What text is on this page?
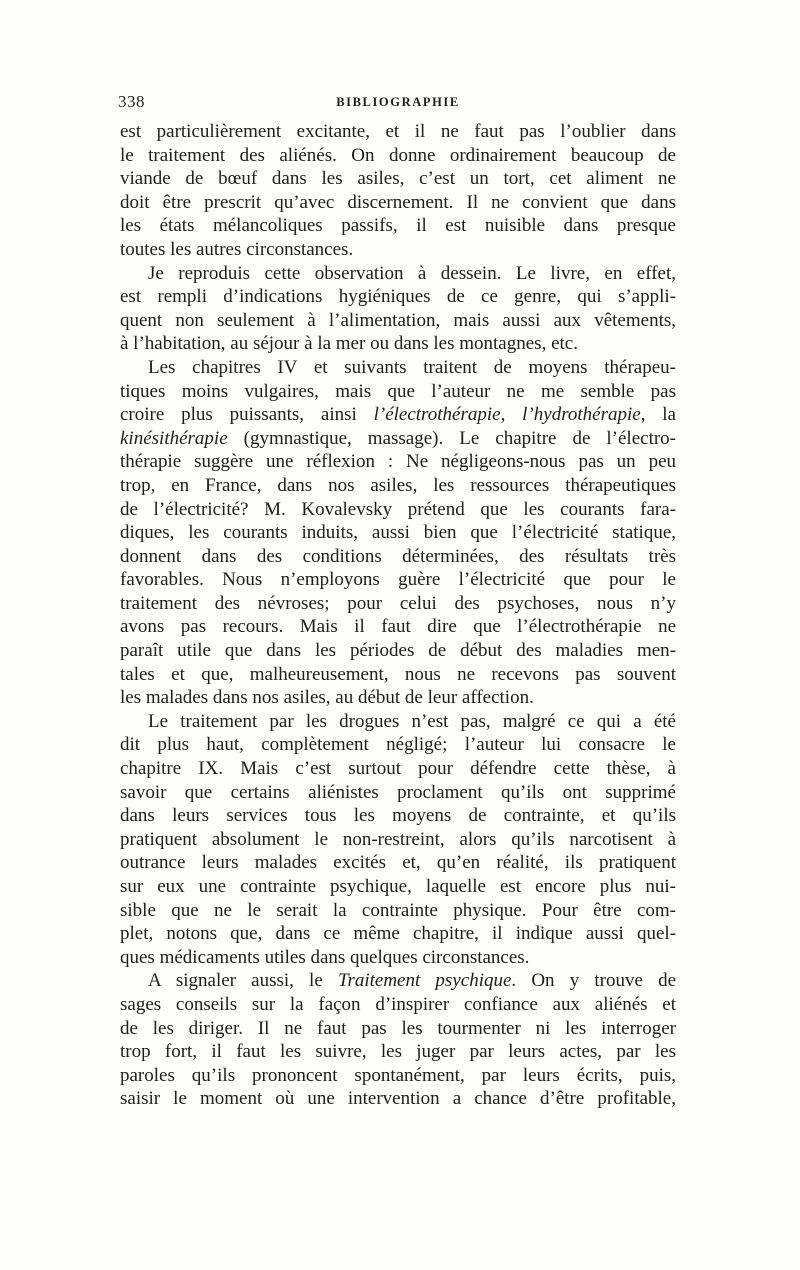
338	BIBLIOGRAPHIE
est particulièrement excitante, et il ne faut pas l’oublier dans
le traitement des aliénés. On donne ordinairement beaucoup de
viande de bœuf dans les asiles, c’est un tort, cet aliment ne
doit être prescrit qu’avec discernement. Il ne convient que dans
les états mélancoliques passifs, il est nuisible dans presque
toutes les autres circonstances.
Je reproduis cette observation à dessein. Le livre, en effet,
est rempli d’indications hygiéniques de ce genre, qui s’appli-
quent non seulement à l’alimentation, mais aussi aux vêtements,
à l’habitation, au séjour à la mer ou dans les montagnes, etc.
Les chapitres IV et suivants traitent de moyens thérapeu-
tiques moins vulgaires, mais que l’auteur ne me semble pas
croire plus puissants, ainsi l’électrothérapie, l’hydrothérapie, la
kinésithérapie (gymnastique, massage). Le chapitre de l’électro-
thérapie suggère une réflexion : Ne négligeons-nous pas un peu
trop, en France, dans nos asiles, les ressources thérapeutiques
de l’électricité? M. Kovalevsky prétend que les courants fara-
diques, les courants induits, aussi bien que l’électricité statique,
donnent dans des conditions déterminées, des résultats très
favorables. Nous n’employons guère l’électricité que pour le
traitement des névroses; pour celui des psychoses, nous n’y
avons pas recours. Mais il faut dire que l’électrothérapie ne
paraît utile que dans les périodes de début des maladies men-
tales et que, malheureusement, nous ne recevons pas souvent
les malades dans nos asiles, au début de leur affection.
Le traitement par les drogues n’est pas, malgré ce qui a été
dit plus haut, complètement négligé; l’auteur lui consacre le
chapitre IX. Mais c’est surtout pour défendre cette thèse, à
savoir que certains aliénistes proclament qu’ils ont supprimé
dans leurs services tous les moyens de contrainte, et qu’ils
pratiquent absolument le non-restreint, alors qu’ils narcotisent à
outrance leurs malades excités et, qu’en réalité, ils pratiquent
sur eux une contrainte psychique, laquelle est encore plus nui-
sible que ne le serait la contrainte physique. Pour être com-
plet, notons que, dans ce même chapitre, il indique aussi quel-
ques médicaments utiles dans quelques circonstances.
A signaler aussi, le Traitement psychique. On y trouve de
sages conseils sur la façon d’inspirer confiance aux aliénés et
de les diriger. Il ne faut pas les tourmenter ni les interroger
trop fort, il faut les suivre, les juger par leurs actes, par les
paroles qu’ils prononcent spontanément, par leurs écrits, puis,
saisir le moment où une intervention a chance d’être profitable,
